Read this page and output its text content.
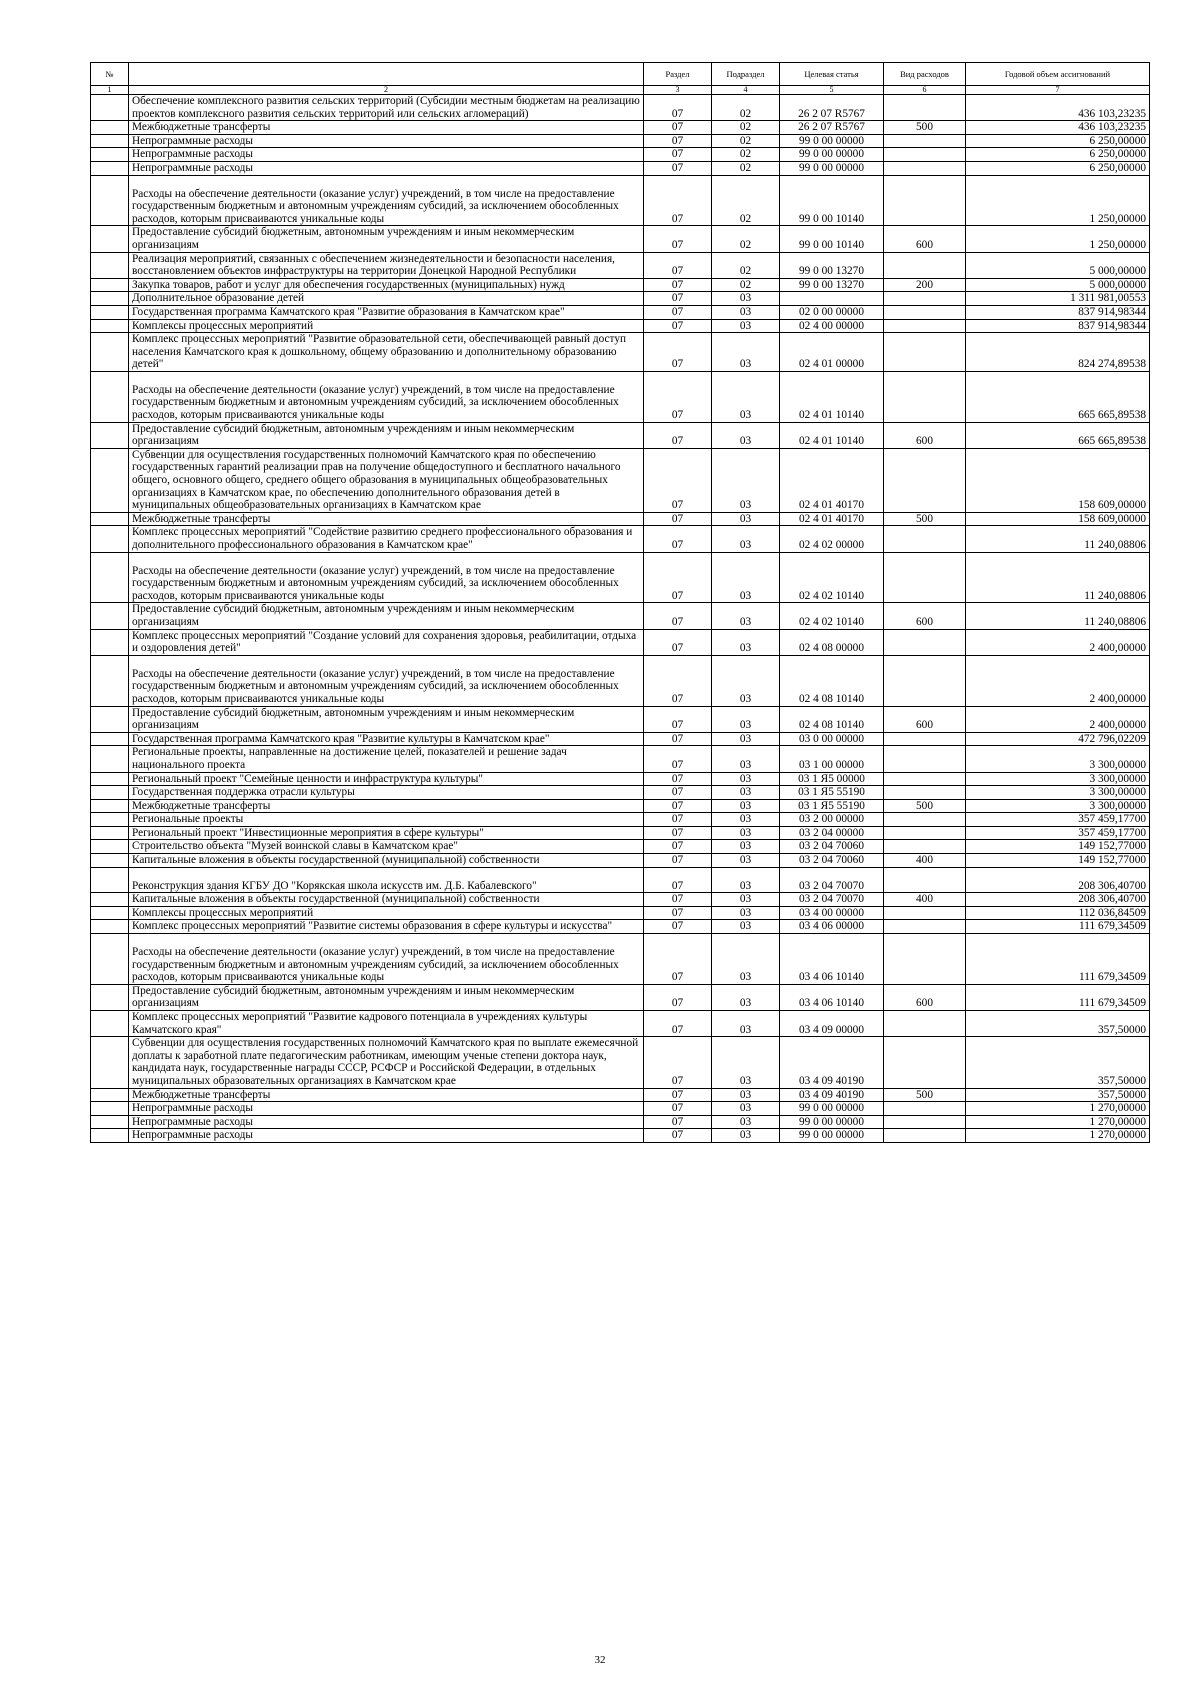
№		Раздел	Подраздел	Целевая статья	Вид расходов	Годовой объем ассигнований
1	2	3	4	5	6	7
	Обеспечение комплексного развития сельских территорий (Субсидии местным бюджетам на реализацию проектов комплексного развития сельских территорий или сельских агломераций)	07	02	26 2 07 R5767		436 103,23235
	Межбюджетные трансферты	07	02	26 2 07 R5767	500	436 103,23235
	Непрограммные расходы	07	02	99 0 00 00000		6 250,00000
	Непрограммные расходы	07	02	99 0 00 00000		6 250,00000
	Непрограммные расходы	07	02	99 0 00 00000		6 250,00000
	Расходы на обеспечение деятельности (оказание услуг) учреждений, в том числе на предоставление государственным бюджетным и автономным учреждениям субсидий, за исключением обособленных расходов, которым присваиваются уникальные коды	07	02	99 0 00 10140		1 250,00000
	Предоставление субсидий бюджетным, автономным учреждениям и иным некоммерческим организациям	07	02	99 0 00 10140	600	1 250,00000
	Реализация мероприятий, связанных с обеспечением жизнедеятельности и безопасности населения, восстановлением объектов инфраструктуры на территории Донецкой Народной Республики	07	02	99 0 00 13270		5 000,00000
	Закупка товаров, работ и услуг для обеспечения государственных (муниципальных) нужд	07	02	99 0 00 13270	200	5 000,00000
	Дополнительное образование детей	07	03			1 311 981,00553
	Государственная программа Камчатского края "Развитие образования в Камчатском крае"	07	03	02 0 00 00000		837 914,98344
	Комплексы процессных мероприятий	07	03	02 4 00 00000		837 914,98344
	Комплекс процессных мероприятий "Развитие образовательной сети, обеспечивающей равный доступ населения Камчатского края к дошкольному, общему образованию и дополнительному образованию детей"	07	03	02 4 01 00000		824 274,89538
	Расходы на обеспечение деятельности (оказание услуг) учреждений, в том числе на предоставление государственным бюджетным и автономным учреждениям субсидий, за исключением обособленных расходов, которым присваиваются уникальные коды	07	03	02 4 01 10140		665 665,89538
	Предоставление субсидий бюджетным, автономным учреждениям и иным некоммерческим организациям	07	03	02 4 01 10140	600	665 665,89538
	Субвенции для осуществления государственных полномочий Камчатского края по обеспечению государственных гарантий реализации прав на получение общедоступного и бесплатного начального общего, основного общего, среднего общего образования в муниципальных общеобразовательных организациях в Камчатском крае, по обеспечению дополнительного образования детей в муниципальных общеобразовательных организациях в Камчатском крае	07	03	02 4 01 40170		158 609,00000
	Межбюджетные трансферты	07	03	02 4 01 40170	500	158 609,00000
	Комплекс процессных мероприятий "Содействие развитию среднего профессионального образования и дополнительного профессионального образования в Камчатском крае"	07	03	02 4 02 00000		11 240,08806
	Расходы на обеспечение деятельности (оказание услуг) учреждений, в том числе на предоставление государственным бюджетным и автономным учреждениям субсидий, за исключением обособленных расходов, которым присваиваются уникальные коды	07	03	02 4 02 10140		11 240,08806
	Предоставление субсидий бюджетным, автономным учреждениям и иным некоммерческим организациям	07	03	02 4 02 10140	600	11 240,08806
	Комплекс процессных мероприятий "Создание условий для сохранения здоровья, реабилитации, отдыха и оздоровления детей"	07	03	02 4 08 00000		2 400,00000
	Расходы на обеспечение деятельности (оказание услуг) учреждений, в том числе на предоставление государственным бюджетным и автономным учреждениям субсидий, за исключением обособленных расходов, которым присваиваются уникальные коды	07	03	02 4 08 10140		2 400,00000
	Предоставление субсидий бюджетным, автономным учреждениям и иным некоммерческим организациям	07	03	02 4 08 10140	600	2 400,00000
	Государственная программа Камчатского края "Развитие культуры в Камчатском крае"	07	03	03 0 00 00000		472 796,02209
	Региональные проекты, направленные на достижение целей, показателей и решение задач национального проекта	07	03	03 1 00 00000		3 300,00000
	Региональный проект "Семейные ценности и инфраструктура культуры"	07	03	03 1 Я5 00000		3 300,00000
	Государственная поддержка отрасли культуры	07	03	03 1 Я5 55190		3 300,00000
	Межбюджетные трансферты	07	03	03 1 Я5 55190	500	3 300,00000
	Региональные проекты	07	03	03 2 00 00000		357 459,17700
	Региональный проект "Инвестиционные мероприятия в сфере культуры"	07	03	03 2 04 00000		357 459,17700
	Строительство объекта "Музей воинской славы в Камчатском крае"	07	03	03 2 04 70060		149 152,77000
	Капитальные вложения в объекты государственной (муниципальной) собственности	07	03	03 2 04 70060	400	149 152,77000
	Реконструкция здания КГБУ ДО "Корякская школа искусств им. Д.Б. Кабалевского"	07	03	03 2 04 70070		208 306,40700
	Капитальные вложения в объекты государственной (муниципальной) собственности	07	03	03 2 04 70070	400	208 306,40700
	Комплексы процессных мероприятий	07	03	03 4 00 00000		112 036,84509
	Комплекс процессных мероприятий "Развитие системы образования в сфере культуры и искусства"	07	03	03 4 06 00000		111 679,34509
	Расходы на обеспечение деятельности (оказание услуг) учреждений, в том числе на предоставление государственным бюджетным и автономным учреждениям субсидий, за исключением обособленных расходов, которым присваиваются уникальные коды	07	03	03 4 06 10140		111 679,34509
	Предоставление субсидий бюджетным, автономным учреждениям и иным некоммерческим организациям	07	03	03 4 06 10140	600	111 679,34509
	Комплекс процессных мероприятий "Развитие кадрового потенциала в учреждениях культуры Камчатского края"	07	03	03 4 09 00000		357,50000
	Субвенции для осуществления государственных полномочий Камчатского края по выплате ежемесячной доплаты к заработной плате педагогическим работникам, имеющим ученые степени доктора наук, кандидата наук, государственные награды СССР, РСФСР и Российской Федерации, в отдельных муниципальных образовательных организациях в Камчатском крае	07	03	03 4 09 40190		357,50000
	Межбюджетные трансферты	07	03	03 4 09 40190	500	357,50000
	Непрограммные расходы	07	03	99 0 00 00000		1 270,00000
	Непрограммные расходы	07	03	99 0 00 00000		1 270,00000
	Непрограммные расходы	07	03	99 0 00 00000		1 270,00000
32
